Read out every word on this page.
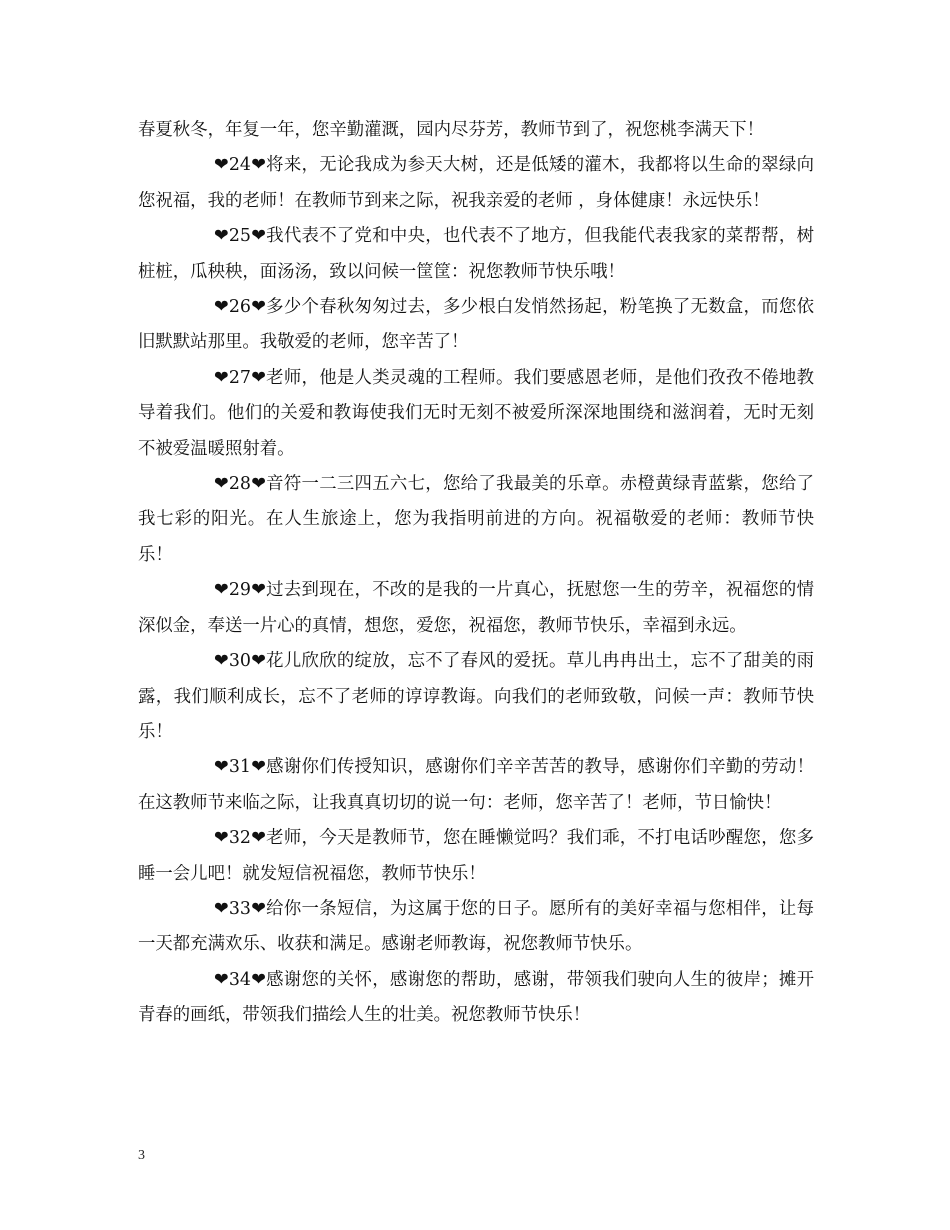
春夏秋冬，年复一年，您辛勤灌溉，园内尽芬芳，教师节到了，祝您桃李满天下！

❤24❤将来，无论我成为参天大树，还是低矮的灌木，我都将以生命的翠绿向您祝福，我的老师！在教师节到来之际，祝我亲爱的老师 ，身体健康！永远快乐！

❤25❤我代表不了党和中央，也代表不了地方，但我能代表我家的菜帮帮，树桩桩，瓜秧秧，面汤汤，致以问候一筐筐：祝您教师节快乐哦！

❤26❤多少个春秋匆匆过去，多少根白发悄然扬起，粉笔换了无数盒，而您依旧默默站那里。我敬爱的老师，您辛苦了！

❤27❤老师，他是人类灵魂的工程师。我们要感恩老师，是他们孜孜不倦地教导着我们。他们的关爱和教诲使我们无时无刻不被爱所深深地围绕和滋润着，无时无刻不被爱温暖照射着。

❤28❤音符一二三四五六七，您给了我最美的乐章。赤橙黄绿青蓝紫，您给了我七彩的阳光。在人生旅途上，您为我指明前进的方向。祝福敬爱的老师：教师节快乐！

❤29❤过去到现在，不改的是我的一片真心，抚慰您一生的劳辛，祝福您的情深似金，奉送一片心的真情，想您，爱您，祝福您，教师节快乐，幸福到永远。

❤30❤花儿欣欣的绽放，忘不了春风的爱抚。草儿冉冉出土，忘不了甜美的雨露，我们顺利成长，忘不了老师的谆谆教诲。向我们的老师致敬，问候一声：教师节快乐！

❤31❤感谢你们传授知识，感谢你们辛辛苦苦的教导，感谢你们辛勤的劳动！在这教师节来临之际，让我真真切切的说一句：老师，您辛苦了！老师，节日愉快！

❤32❤老师，今天是教师节，您在睡懒觉吗？我们乖，不打电话吵醒您，您多睡一会儿吧！就发短信祝福您，教师节快乐！

❤33❤给你一条短信，为这属于您的日子。愿所有的美好幸福与您相伴，让每一天都充满欢乐、收获和满足。感谢老师教诲，祝您教师节快乐。

❤34❤感谢您的关怀，感谢您的帮助，感谢，带领我们驶向人生的彼岸；摊开青春的画纸，带领我们描绘人生的壮美。祝您教师节快乐！

3
